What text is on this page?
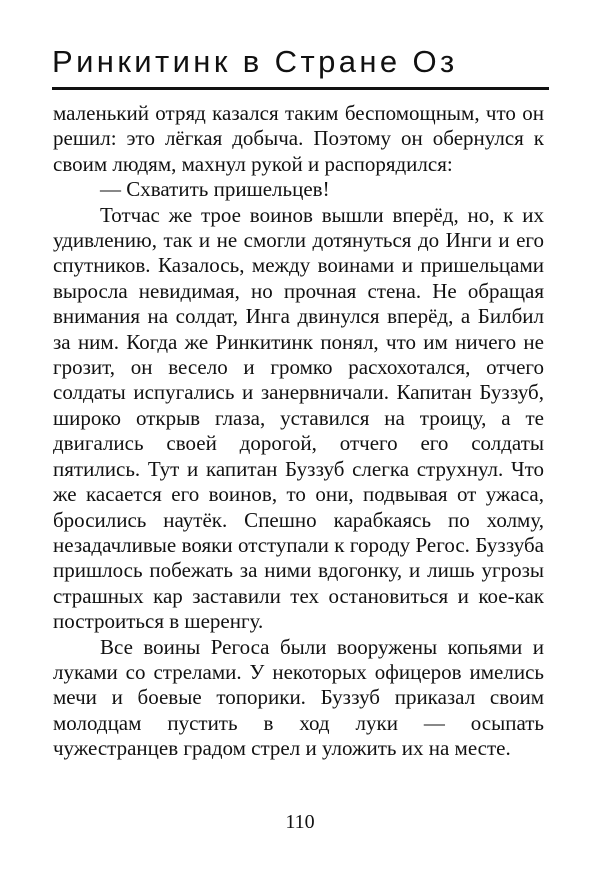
Ринкитинк в Стране Оз

маленький отряд казался таким беспомощным, что он решил: это лёгкая добыча. Поэтому он обернулся к своим людям, махнул рукой и распорядился:

— Схватить пришельцев!

Тотчас же трое воинов вышли вперёд, но, к их удивлению, так и не смогли дотянуться до Инги и его спутников. Казалось, между воинами и пришельцами выросла невидимая, но прочная стена. Не обращая внимания на солдат, Инга двинулся вперёд, а Билбил за ним. Когда же Ринкитинк понял, что им ничего не грозит, он весело и громко расхохотался, отчего солдаты испугались и занервничали. Капитан Буззуб, широко открыв глаза, уставился на троицу, а те двигались своей дорогой, отчего его солдаты пятились. Тут и капитан Буззуб слегка струхнул. Что же касается его воинов, то они, подвывая от ужаса, бросились наутёк. Спешно карабкаясь по холму, незадачливые вояки отступали к городу Регос. Буззуба пришлось побежать за ними вдогонку, и лишь угрозы страшных кар заставили тех остановиться и кое-как построиться в шеренгу.

Все воины Регоса были вооружены копьями и луками со стрелами. У некоторых офицеров имелись мечи и боевые топорики. Буззуб приказал своим молодцам пустить в ход луки — осыпать чужестранцев градом стрел и уложить их на месте.

110
